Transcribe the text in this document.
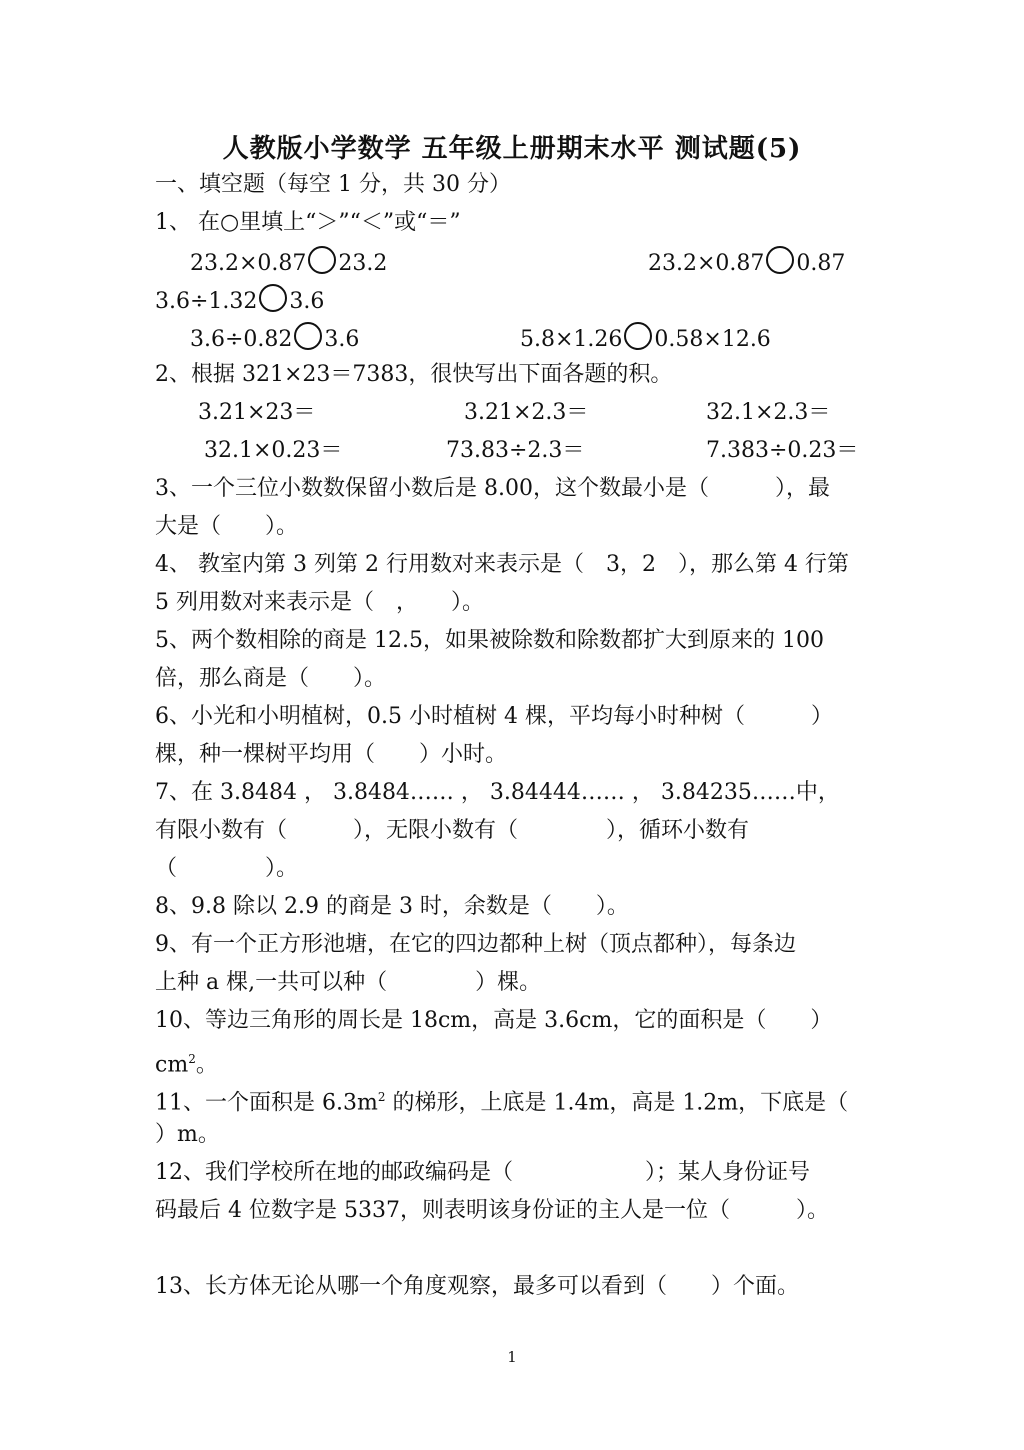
人教版小学数学 五年级上册期末水平 测试题(5)
一、填空题（每空 1 分，共 30 分）
1、 在○里填上“＞”“＜”或“＝”
23.2×0.87 23.2	23.2×0.87 0.87
3.6÷1.32 3.6
3.6÷0.82 3.6	5.8×1.26 0.58×12.6
2、根据 321×23＝7383，很快写出下面各题的积。
3.21×23＝	3.21×2.3＝	32.1×2.3＝
32.1×0.23＝	73.83÷2.3＝	7.383÷0.23＝
3、一个三位小数数保留小数后是 8.00，这个数最小是（　　　），最
大是（　　）。
4、 教室内第 3 列第 2 行用数对来表示是（　3，2　），那么第 4 行第
5 列用数对来表示是（　，　　）。
5、两个数相除的商是 12.5，如果被除数和除数都扩大到原来的 100
倍，那么商是（　　）。
6、小光和小明植树，0.5 小时植树 4 棵，平均每小时种树（　　　）
棵，种一棵树平均用（　　）小时。
7、在 3.8484 ， 3.8484…… ， 3.84444…… ， 3.84235……中，
有限小数有（　　　），无限小数有（　　　　），循环小数有
（　　　　）。
8、9.8 除以 2.9 的商是 3 时，余数是（　　）。
9、有一个正方形池塘，在它的四边都种上树（顶点都种），每条边
上种 a 棵,一共可以种（　　　　）棵。
10、等边三角形的周长是 18cm，高是 3.6cm，它的面积是（　　）
$cm^2$。
11、一个面积是 $6.3m^2$ 的梯形，上底是 1.4m，高是 1.2m，下底是（
）m。
12、我们学校所在地的邮政编码是（　　　　　　）；某人身份证号
码最后 4 位数字是 5337，则表明该身份证的主人是一位（　　　）。
13、长方体无论从哪一个角度观察，最多可以看到（　　）个面。
1
